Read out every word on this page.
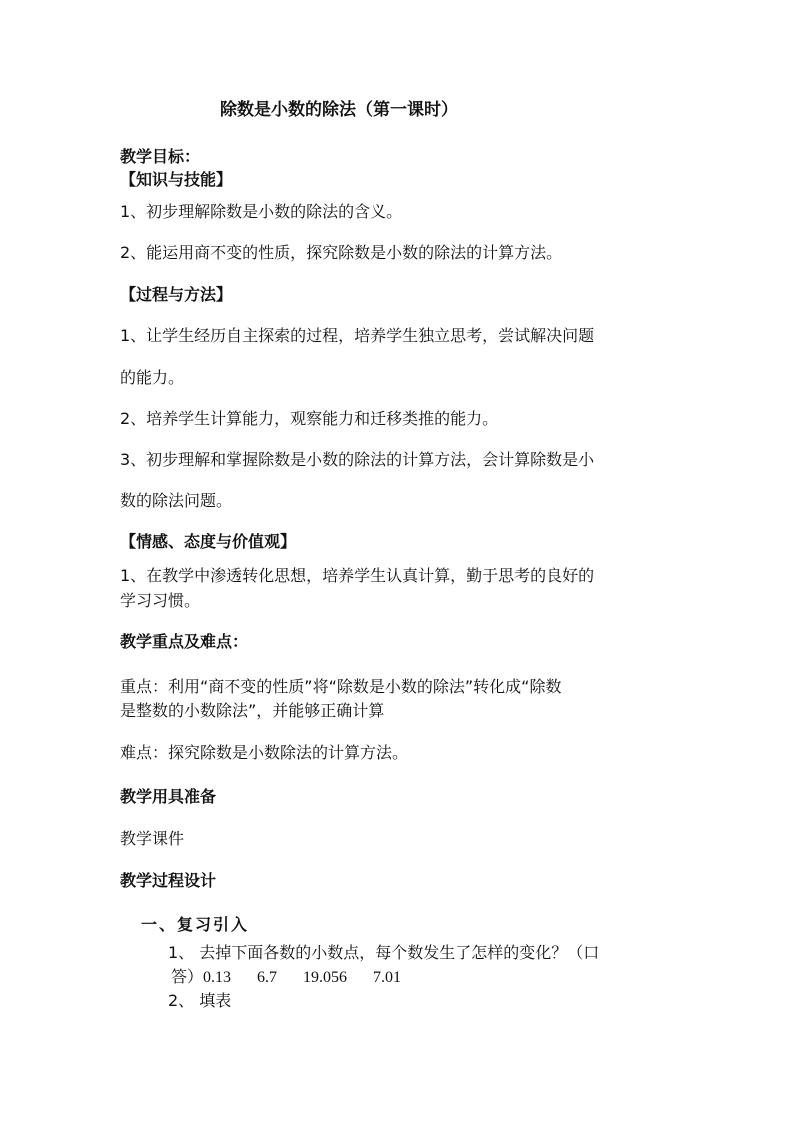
除数是小数的除法（第一课时）
教学目标：
【知识与技能】
1、初步理解除数是小数的除法的含义。
2、能运用商不变的性质，探究除数是小数的除法的计算方法。
【过程与方法】
1、让学生经历自主探索的过程，培养学生独立思考，尝试解决问题
的能力。
2、培养学生计算能力，观察能力和迁移类推的能力。
3、初步理解和掌握除数是小数的除法的计算方法，会计算除数是小
数的除法问题。
【情感、态度与价值观】
1、在教学中渗透转化思想，培养学生认真计算，勤于思考的良好的
学习习惯。
教学重点及难点：
重点：利用“商不变的性质”将“除数是小数的除法”转化成“除数
是整数的小数除法”，并能够正确计算
难点：探究除数是小数除法的计算方法。
教学用具准备
教学课件
教学过程设计
一、复习引入
1、 去掉下面各数的小数点，每个数发生了怎样的变化？（口
答）0.13 6.7 19.056 7.01
2、 填表
